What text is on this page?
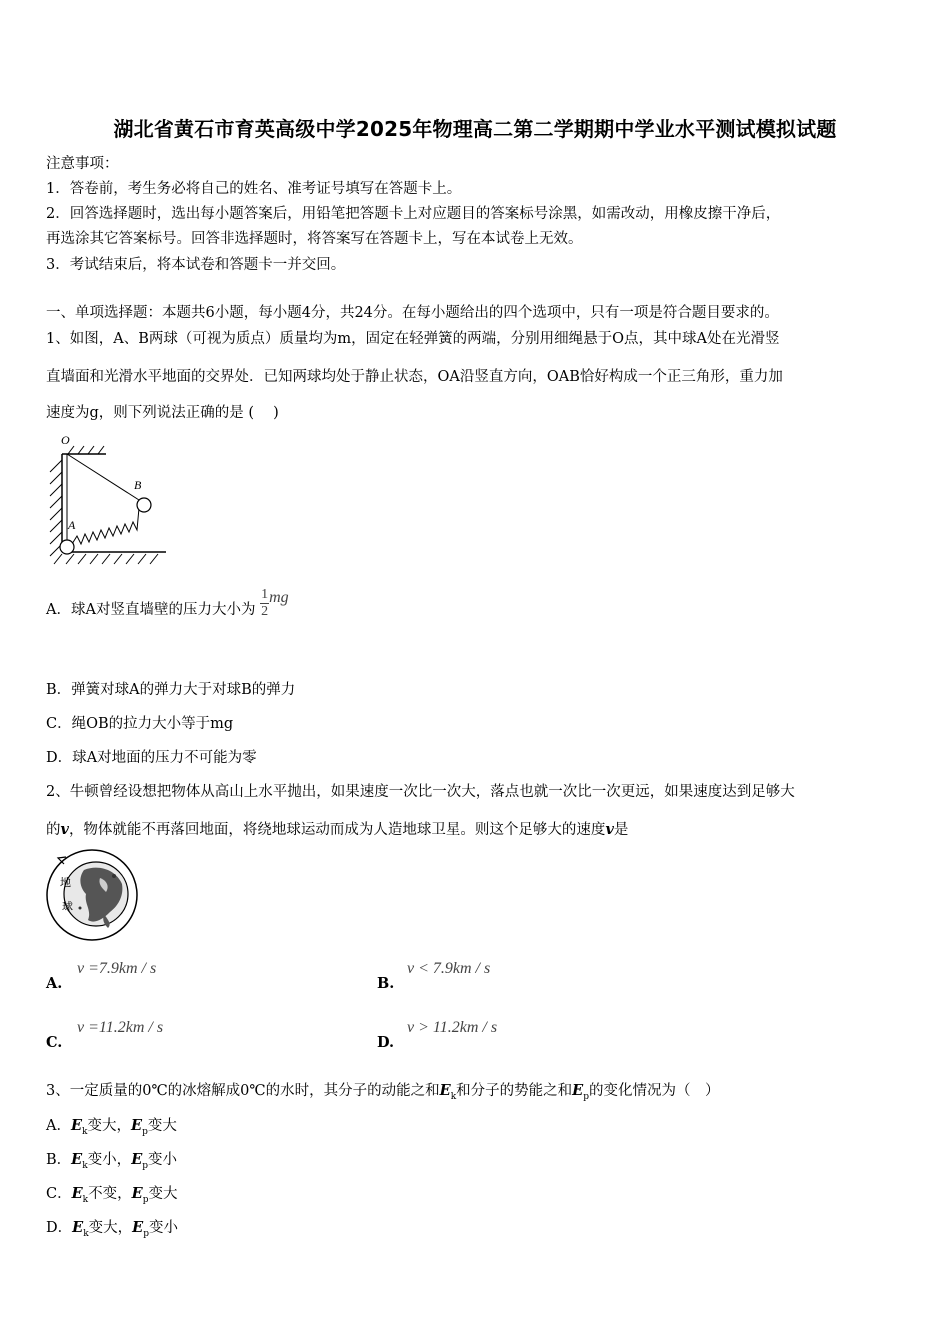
湖北省黄石市育英高级中学2025年物理高二第二学期期中学业水平测试模拟试题
注意事项：
1．答卷前，考生务必将自己的姓名、准考证号填写在答题卡上。
2．回答选择题时，选出每小题答案后，用铅笔把答题卡上对应题目的答案标号涂黑，如需改动，用橡皮擦干净后，
再选涂其它答案标号。回答非选择题时，将答案写在答题卡上，写在本试卷上无效。
3．考试结束后，将本试卷和答题卡一并交回。
一、单项选择题：本题共6小题，每小题4分，共24分。在每小题给出的四个选项中，只有一项是符合题目要求的。
1、如图，A、B两球（可视为质点）质量均为m，固定在轻弹簧的两端，分别用细绳悬于O点，其中球A处在光滑竖
直墙面和光滑水平地面的交界处．已知两球均处于静止状态，OA沿竖直方向，OAB恰好构成一个正三角形，重力加
速度为g，则下列说法正确的是 (　 )
O
A
B
A．球A对竖直墙壁的压力大小为 $\frac{1}{2}$ mg
B．弹簧对球A的弹力大于对球B的弹力
C．绳OB的拉力大小等于mg
D．球A对地面的压力不可能为零
2、牛顿曾经设想把物体从高山上水平抛出，如果速度一次比一次大，落点也就一次比一次更远，如果速度达到足够大
的v，物体就能不再落回地面，将绕地球运动而成为人造地球卫星。则这个足够大的速度v是
地
球
A.
v =7.9km / s
B.
v < 7.9km / s
C.
v =11.2km / s
D.
v > 11.2km / s
3、一定质量的0℃的冰熔解成0℃的水时，其分子的动能之和$E_k$和分子的势能之和$E_p$的变化情况为（　）
A．$E_k$变大，$E_p$变大
B．$E_k$变小，$E_p$变小
C．$E_k$不变，$E_p$变大
D．$E_k$变大，$E_p$变小
